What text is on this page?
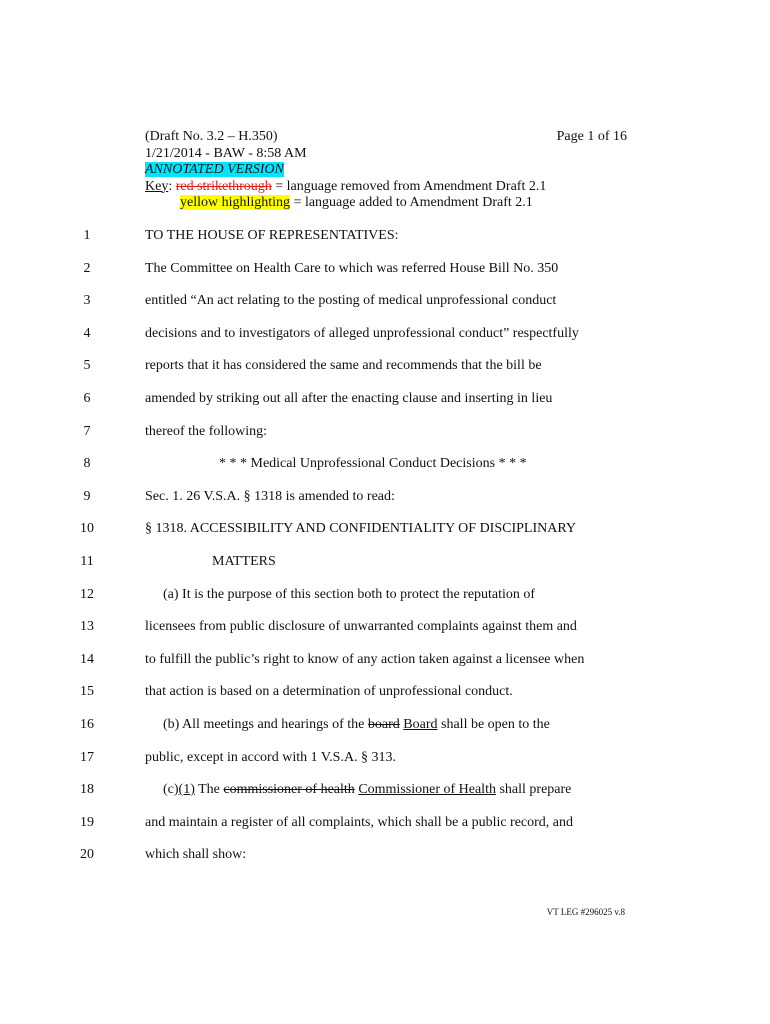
(Draft No. 3.2 – H.350)	Page 1 of 16
1/21/2014 - BAW - 8:58 AM
ANNOTATED VERSION
Key: red strikethrough = language removed from Amendment Draft 2.1
yellow highlighting = language added to Amendment Draft 2.1
1	TO THE HOUSE OF REPRESENTATIVES:
2	The Committee on Health Care to which was referred House Bill No. 350
3	entitled “An act relating to the posting of medical unprofessional conduct
4	decisions and to investigators of alleged unprofessional conduct” respectfully
5	reports that it has considered the same and recommends that the bill be
6	amended by striking out all after the enacting clause and inserting in lieu
7	thereof the following:
8	* * * Medical Unprofessional Conduct Decisions * * *
9	Sec. 1. 26 V.S.A. § 1318 is amended to read:
10	§ 1318. ACCESSIBILITY AND CONFIDENTIALITY OF DISCIPLINARY
11	MATTERS
12	(a) It is the purpose of this section both to protect the reputation of
13	licensees from public disclosure of unwarranted complaints against them and
14	to fulfill the public’s right to know of any action taken against a licensee when
15	that action is based on a determination of unprofessional conduct.
16	(b) All meetings and hearings of the board Board shall be open to the
17	public, except in accord with 1 V.S.A. § 313.
18	(c)(1) The commissioner of health Commissioner of Health shall prepare
19	and maintain a register of all complaints, which shall be a public record, and
20	which shall show:
VT LEG #296025 v.8
